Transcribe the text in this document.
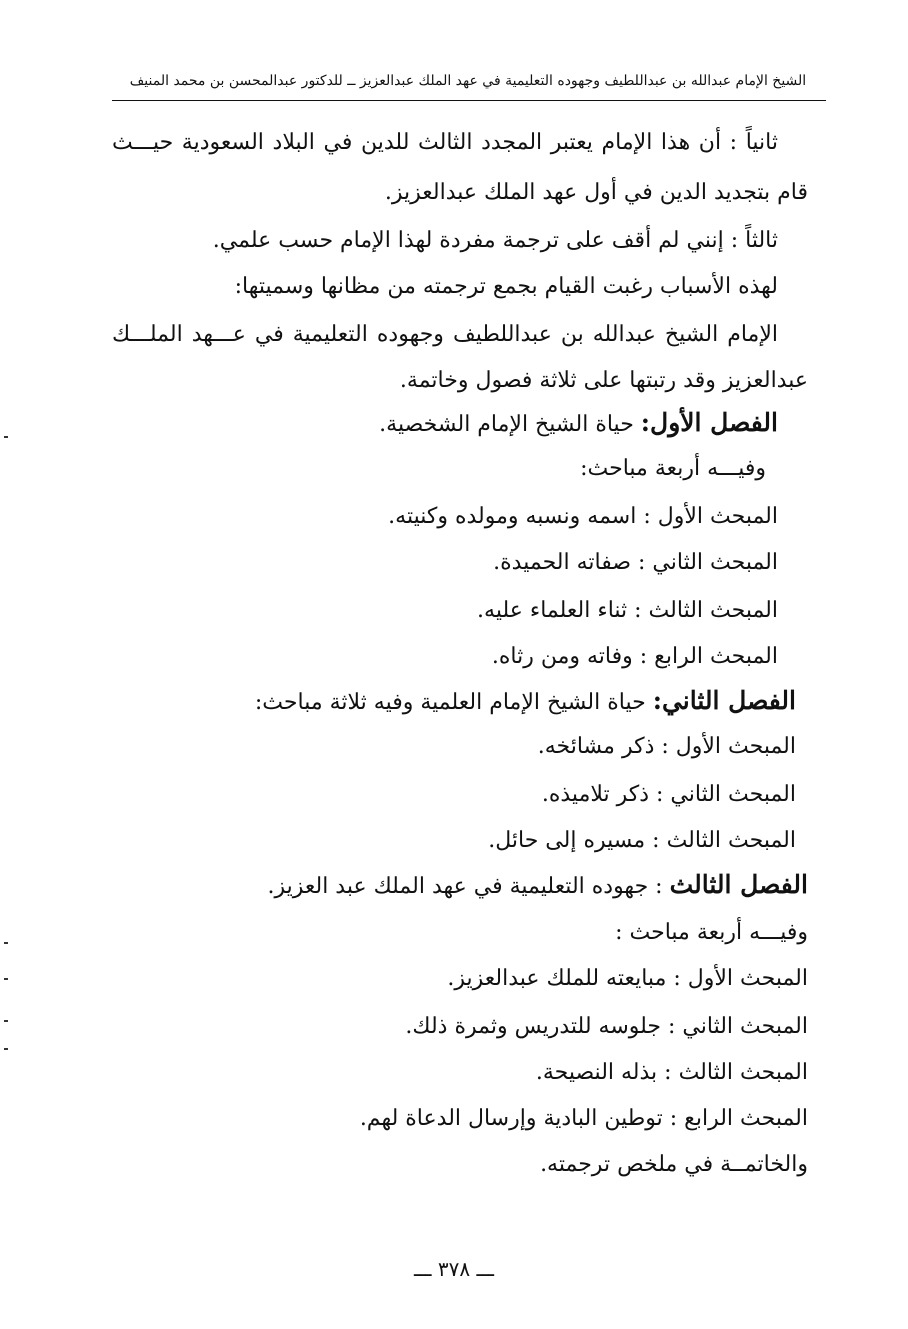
الشيخ الإمام عبدالله بن عبداللطيف وجهوده التعليمية في عهد الملك عبدالعزيز ــ للدكتور عبدالمحسن بن محمد المنيف
ثانياً : أن هذا الإمام يعتبر المجدد الثالث للدين في البلاد السعودية حيـــث
قام بتجديد الدين في أول عهد الملك عبدالعزيز.
ثالثاً : إنني لم أقف على ترجمة مفردة لهذا الإمام حسب علمي.
لهذه الأسباب رغبت القيام بجمع ترجمته من مظانها وسميتها:
الإمام الشيخ عبدالله بن عبداللطيف وجهوده التعليمية في عـــهد الملـــك
عبدالعزيز وقد رتبتها على ثلاثة فصول وخاتمة.
الفصل الأول: حياة الشيخ الإمام الشخصية.
وفيـــه أربعة مباحث:
المبحث الأول : اسمه ونسبه ومولده وكنيته.
المبحث الثاني : صفاته الحميدة.
المبحث الثالث : ثناء العلماء عليه.
المبحث الرابع : وفاته ومن رثاه.
الفصل الثاني: حياة الشيخ الإمام العلمية وفيه ثلاثة مباحث:
المبحث الأول : ذكر مشائخه.
المبحث الثاني : ذكر تلاميذه.
المبحث الثالث : مسيره إلى حائل.
الفصل الثالث : جهوده التعليمية في عهد الملك عبد العزيز.
وفيـــه أربعة مباحث :
المبحث الأول : مبايعته للملك عبدالعزيز.
المبحث الثاني : جلوسه للتدريس وثمرة ذلك.
المبحث الثالث : بذله النصيحة.
المبحث الرابع : توطين البادية وإرسال الدعاة لهم.
والخاتمــة في ملخص ترجمته.
ـــ ٣٧٨ ـــ
